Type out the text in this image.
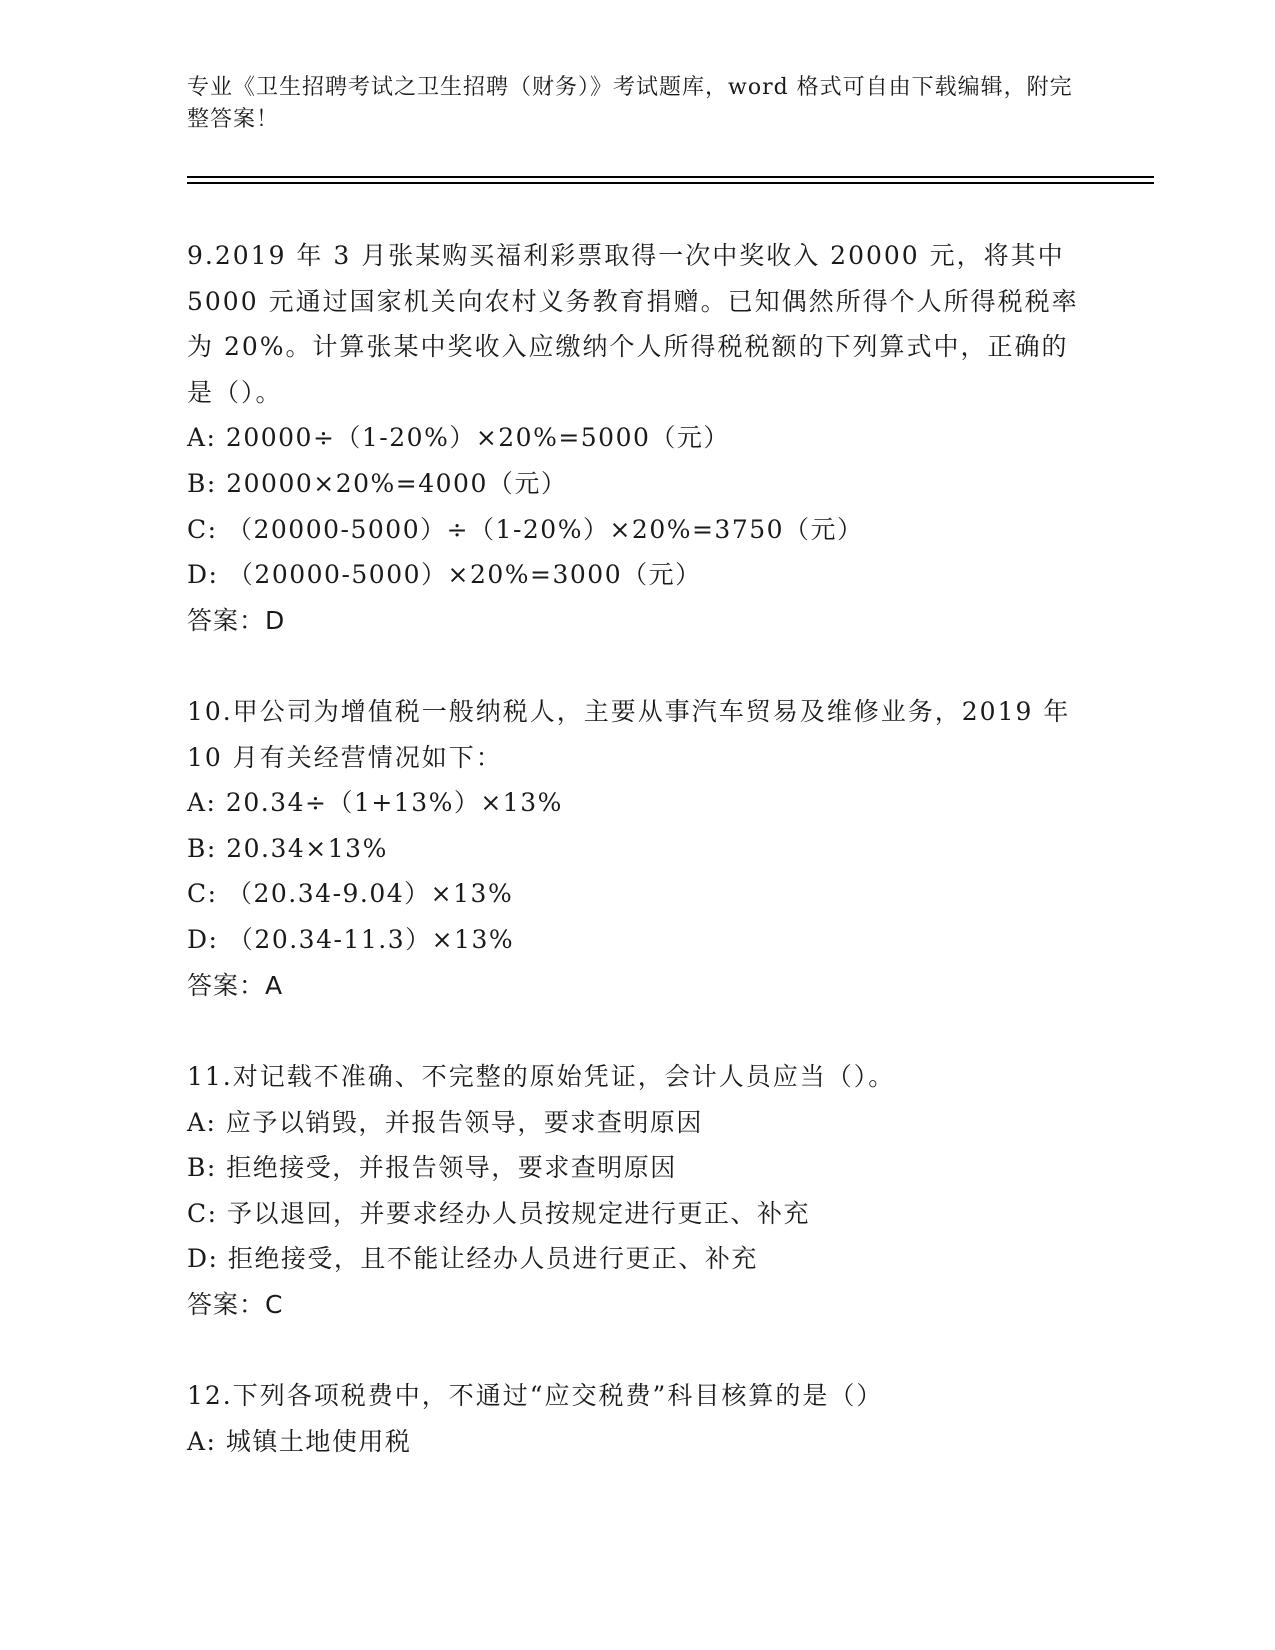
专业《卫生招聘考试之卫生招聘（财务）》考试题库，word 格式可自由下载编辑，附完整答案！
9.2019 年 3 月张某购买福利彩票取得一次中奖收入 20000 元，将其中 5000 元通过国家机关向农村义务教育捐赠。已知偶然所得个人所得税税率为 20%。计算张某中奖收入应缴纳个人所得税税额的下列算式中，正确的是（）。
A: 20000÷（1-20%）×20%=5000（元）
B: 20000×20%=4000（元）
C: （20000-5000）÷（1-20%）×20%=3750（元）
D: （20000-5000）×20%=3000（元）
答案：D
10.甲公司为增值税一般纳税人，主要从事汽车贸易及维修业务，2019 年 10 月有关经营情况如下：
A: 20.34÷（1+13%）×13%
B: 20.34×13%
C: （20.34-9.04）×13%
D: （20.34-11.3）×13%
答案：A
11.对记载不准确、不完整的原始凭证，会计人员应当（）。
A: 应予以销毁，并报告领导，要求查明原因
B: 拒绝接受，并报告领导，要求查明原因
C: 予以退回，并要求经办人员按规定进行更正、补充
D: 拒绝接受，且不能让经办人员进行更正、补充
答案：C
12.下列各项税费中，不通过“应交税费”科目核算的是（）
A: 城镇土地使用税
